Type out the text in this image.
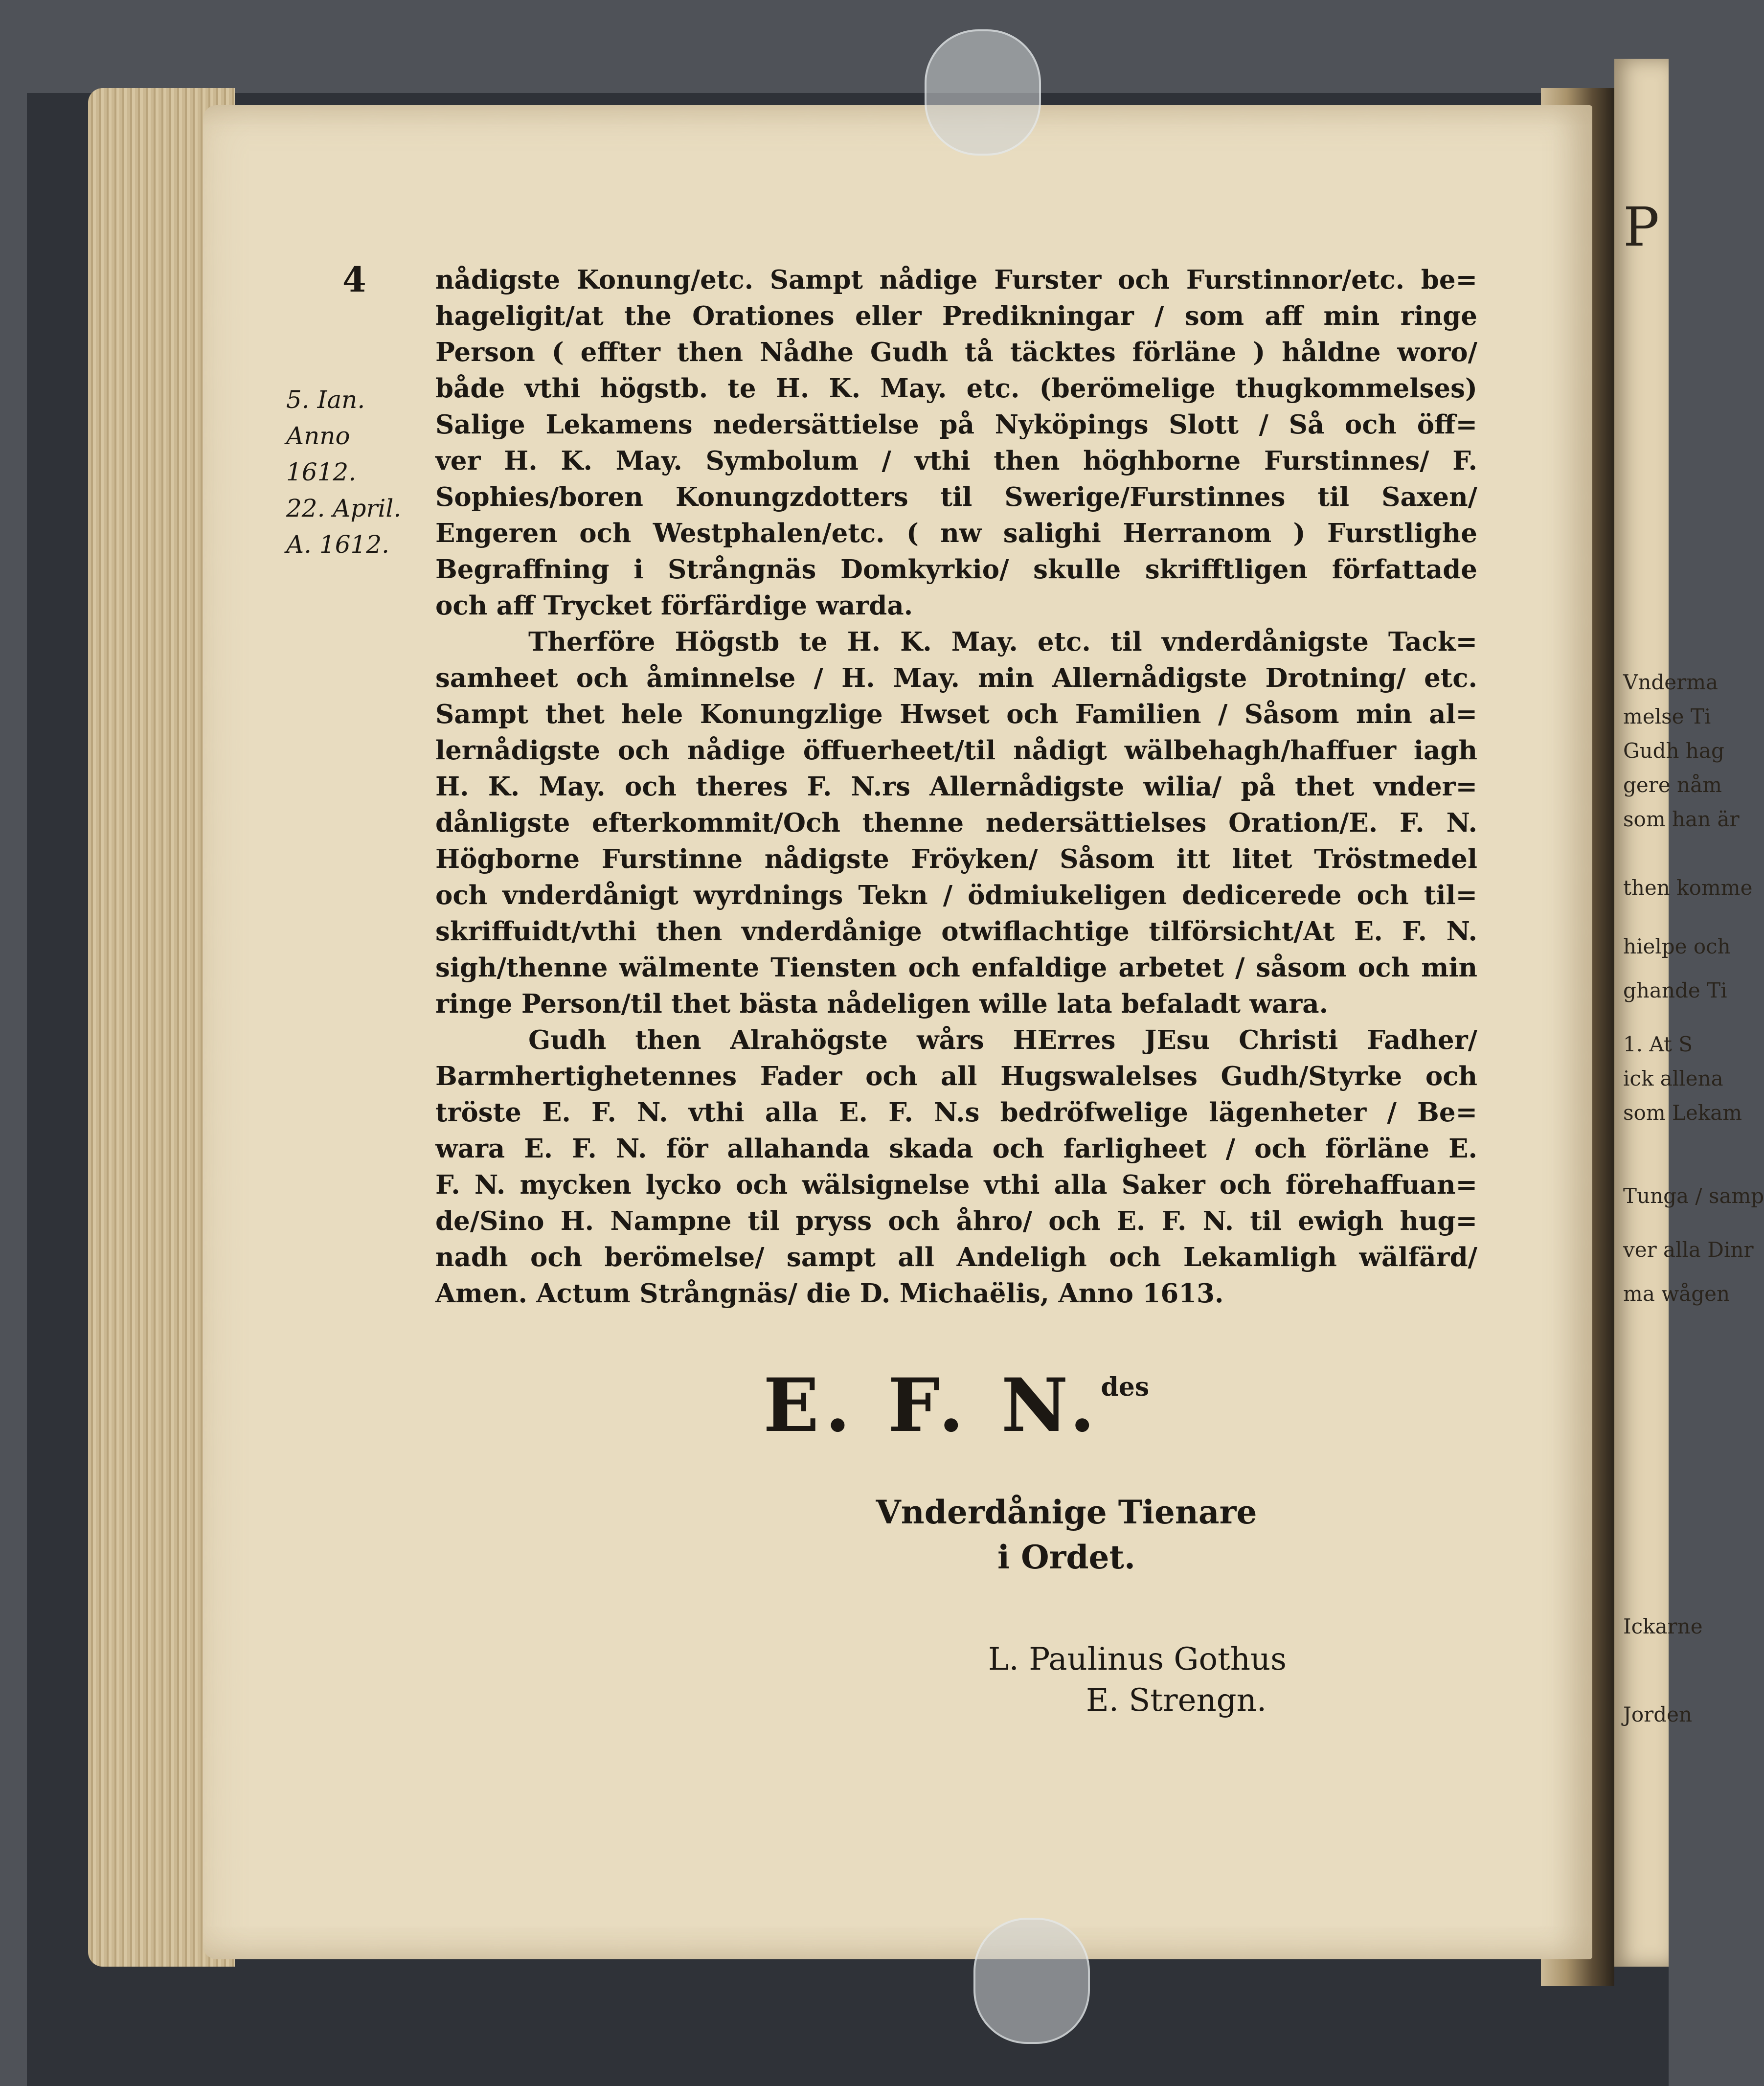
P
Vnderma
melse Ti
Gudh hag
gere nåm
som han är
then komme
hielpe och
ghande Ti
1. At S
ick allena
som Lekam
Tunga / samp
ver alla Dinr
ma wågen
Jorden
Ickarne
4
5. Ian.
Anno
1612.
22. April.
A. 1612.
nådigste Konung/etc. Sampt nådige Furster och Furstinnor/etc. be=
hageligit/at the Orationes eller Predikningar / som aff min ringe
Person ( effter then Nådhe Gudh tå täcktes förläne ) håldne woro/
både vthi högstb. te H. K. May. etc. (berömelige thugkommelses)
Salige Lekamens nedersättielse på Nyköpings Slott / Så och öff=
ver H. K. May. Symbolum / vthi then höghborne Furstinnes/ F.
Sophies/boren Konungzdotters til Swerige/Furstinnes til Saxen/
Engeren och Westphalen/etc. ( nw salighi Herranom ) Furstlighe
Begraffning i Strångnäs Domkyrkio/ skulle skrifftligen författade
och aff Trycket förfärdige warda.
Therföre Högstb te H. K. May. etc. til vnderdånigste Tack=
samheet och åminnelse / H. May. min Allernådigste Drotning/ etc.
Sampt thet hele Konungzlige Hwset och Familien / Såsom min al=
lernådigste och nådige öffuerheet/til nådigt wälbehagh/haffuer iagh
H. K. May. och theres F. N.rs Allernådigste wilia/ på thet vnder=
dånligste efterkommit/Och thenne nedersättielses Oration/E. F. N.
Högborne Furstinne nådigste Fröyken/ Såsom itt litet Tröstmedel
och vnderdånigt wyrdnings Tekn / ödmiukeligen dedicerede och til=
skriffuidt/vthi then vnderdånige otwiflachtige tilförsicht/At E. F. N.
sigh/thenne wälmente Tiensten och enfaldige arbetet / såsom och min
ringe Person/til thet bästa nådeligen wille lata befaladt wara.
Gudh then Alrahögste wårs HErres JEsu Christi Fadher/
Barmhertighetennes Fader och all Hugswalelses Gudh/Styrke och
tröste E. F. N. vthi alla E. F. N.s bedröfwelige lägenheter / Be=
wara E. F. N. för allahanda skada och farligheet / och förläne E.
F. N. mycken lycko och wälsignelse vthi alla Saker och förehaffuan=
de/Sino H. Nampne til pryss och åhro/ och E. F. N. til ewigh hug=
nadh och berömelse/ sampt all Andeligh och Lekamligh wälfärd/
Amen. Actum Strångnäs/ die D. Michaëlis, Anno 1613.
E. F. N.$^{des}$
Vnderdånige Tienare
i Ordet.
L. Paulinus Gothus
E. Strengn.
